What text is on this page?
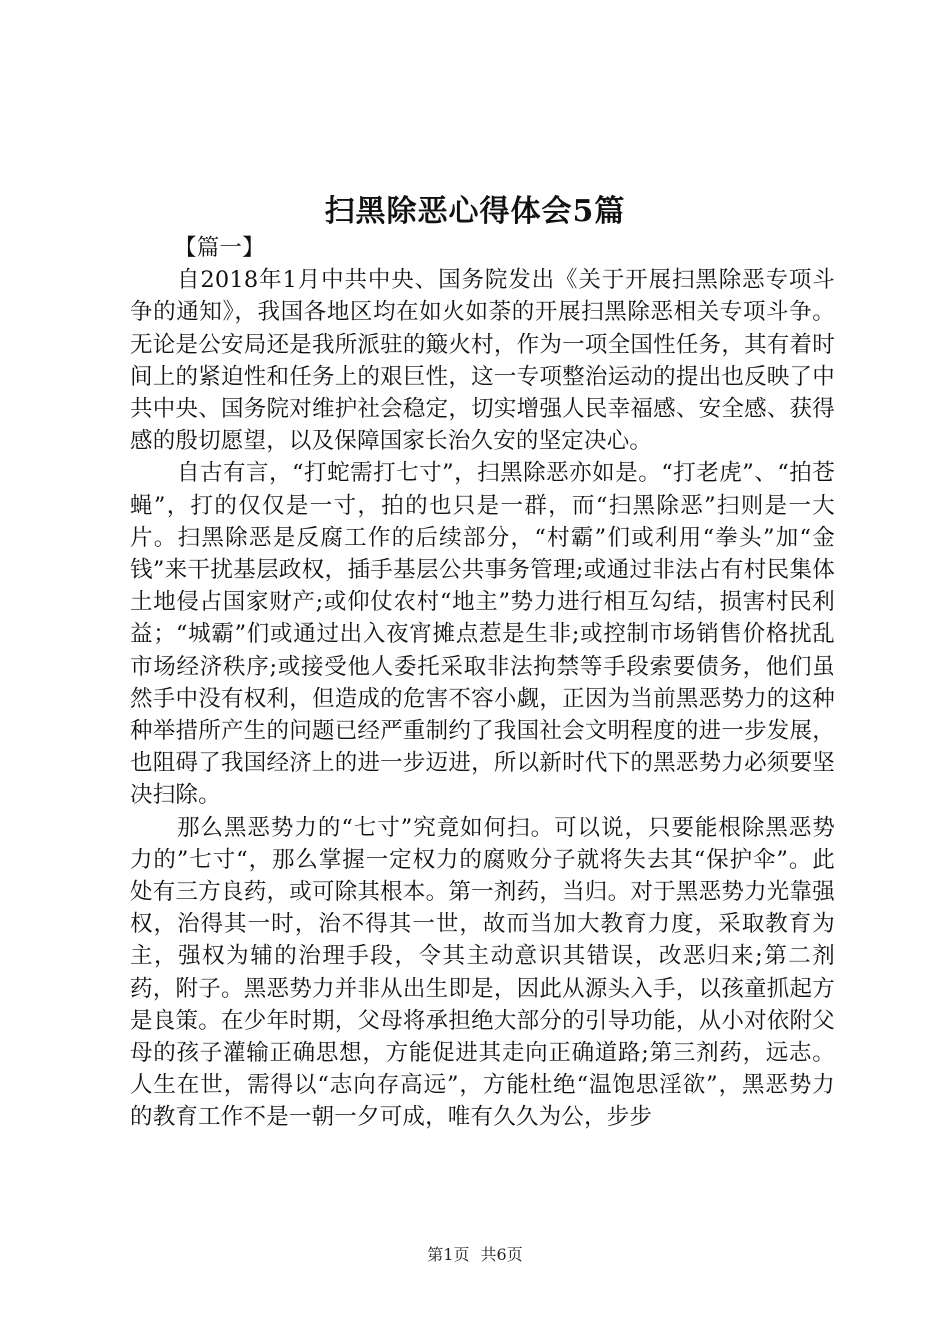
扫黑除恶心得体会5篇

【篇一】

自2018年1月中共中央、国务院发出《关于开展扫黑除恶专项斗争的通知》，我国各地区均在如火如荼的开展扫黑除恶相关专项斗争。无论是公安局还是我所派驻的簸火村，作为一项全国性任务，其有着时间上的紧迫性和任务上的艰巨性，这一专项整治运动的提出也反映了中共中央、国务院对维护社会稳定，切实增强人民幸福感、安全感、获得感的殷切愿望，以及保障国家长治久安的坚定决心。

自古有言，“打蛇需打七寸”，扫黑除恶亦如是。“打老虎”、“拍苍蝇”，打的仅仅是一寸，拍的也只是一群，而“扫黑除恶”扫则是一大片。扫黑除恶是反腐工作的后续部分，“村霸”们或利用“拳头”加“金钱”来干扰基层政权，插手基层公共事务管理;或通过非法占有村民集体土地侵占国家财产;或仰仗农村“地主”势力进行相互勾结，损害村民利益；“城霸”们或通过出入夜宵摊点惹是生非;或控制市场销售价格扰乱市场经济秩序;或接受他人委托采取非法拘禁等手段索要债务，他们虽然手中没有权利，但造成的危害不容小觑，正因为当前黑恶势力的这种种举措所产生的问题已经严重制约了我国社会文明程度的进一步发展，也阻碍了我国经济上的进一步迈进，所以新时代下的黑恶势力必须要坚决扫除。

那么黑恶势力的“七寸”究竟如何扫。可以说，只要能根除黑恶势力的”七寸“，那么掌握一定权力的腐败分子就将失去其“保护伞”。此处有三方良药，或可除其根本。第一剂药，当归。对于黑恶势力光靠强权，治得其一时，治不得其一世，故而当加大教育力度，采取教育为主，强权为辅的治理手段，令其主动意识其错误，改恶归来;第二剂药，附子。黑恶势力并非从出生即是，因此从源头入手，以孩童抓起方是良策。在少年时期，父母将承担绝大部分的引导功能，从小对依附父母的孩子灌输正确思想，方能促进其走向正确道路;第三剂药，远志。人生在世，需得以“志向存高远”，方能杜绝“温饱思淫欲”，黑恶势力的教育工作不是一朝一夕可成，唯有久久为公，步步

第1页 共6页
